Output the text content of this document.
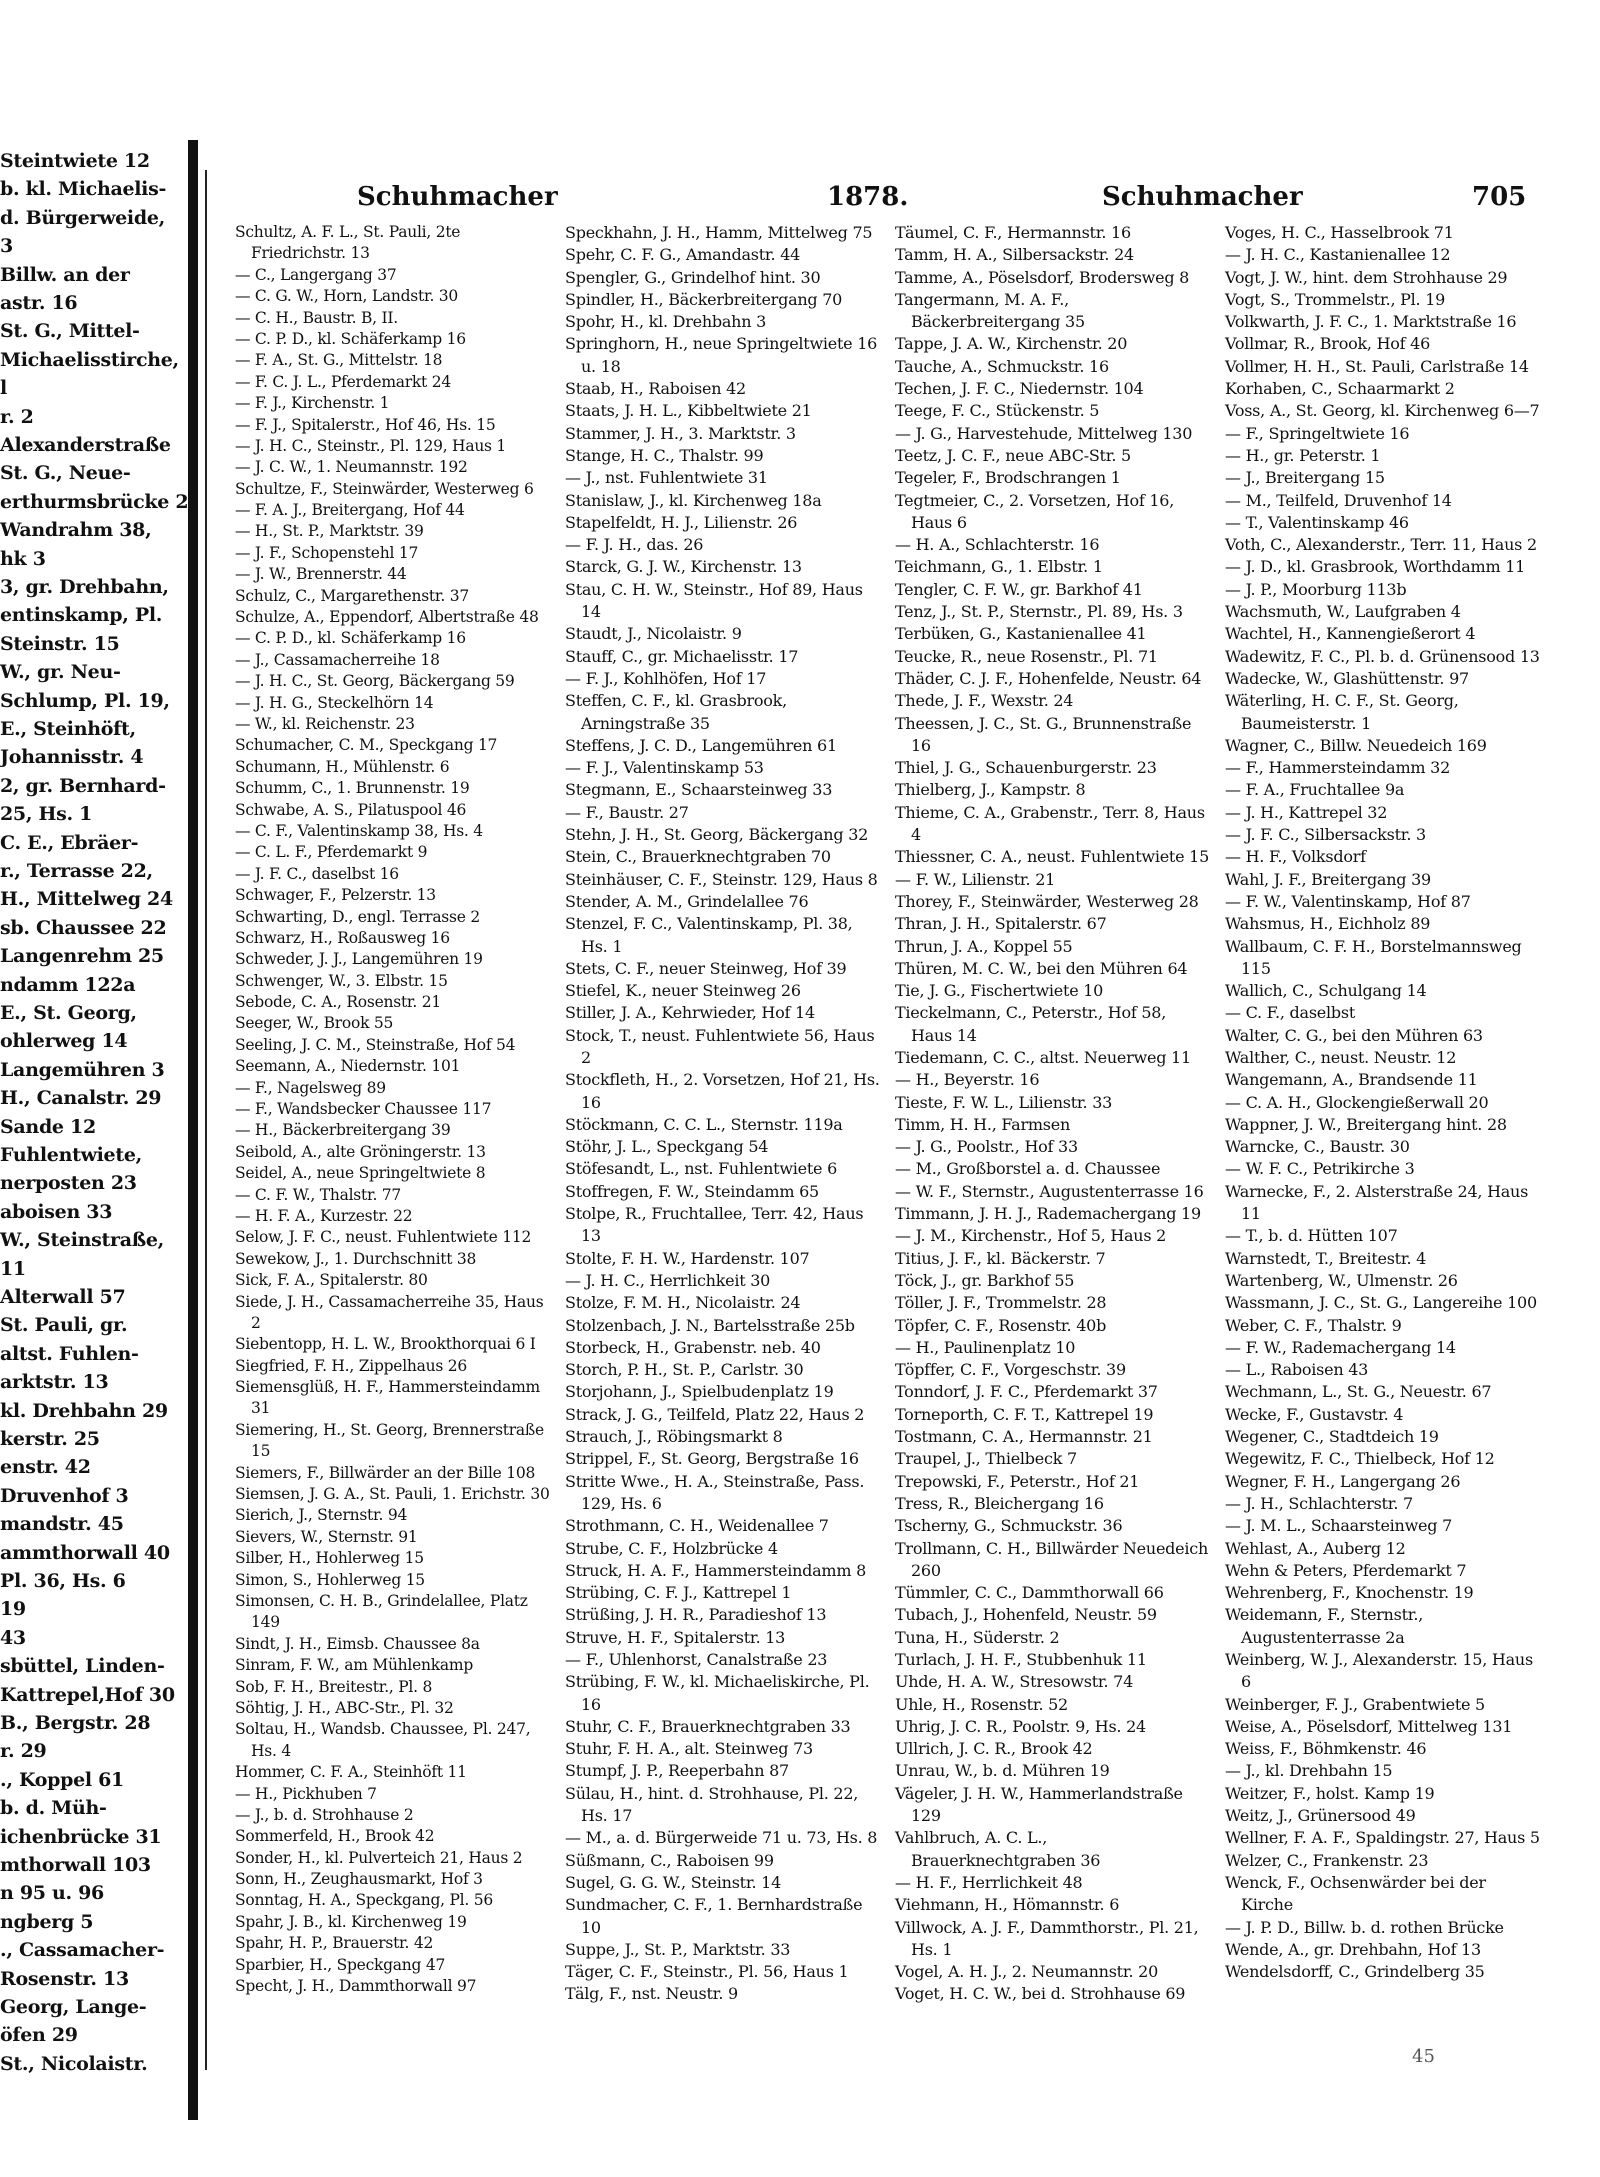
Steintwiete 12
b. kl. Michaelis-
d. Bürgerweide,
3
Billw. an der
astr. 16
St. G., Mittel-
Michaelisstirche,
l
r. 2
Alexanderstraße
St. G., Neue-
erthurmsbrücke 2
Wandrahm 38,
hk 3
3, gr. Drehbahn,
entinskamp, Pl.
Steinstr. 15
W., gr. Neu-
Schlump, Pl. 19,
E., Steinhöft,
Johannisstr. 4
2, gr. Bernhard-
25, Hs. 1
C. E., Ebräer-
r., Terrasse 22,
H., Mittelweg 24
sb. Chaussee 22
Langenrehm 25
ndamm 122a
E., St. Georg,
ohlerweg 14
Langemühren 3
H., Canalstr. 29
Sande 12
Fuhlentwiete,
nerposten 23
aboisen 33
W., Steinstraße,
11
Alterwall 57
St. Pauli, gr.
altst. Fuhlen-
arktstr. 13
kl. Drehbahn 29
kerstr. 25
enstr. 42
Druvenhof 3
mandstr. 45
ammthorwall 40
Pl. 36, Hs. 6
19
43
sbüttel, Linden-
Kattrepel,Hof 30
B., Bergstr. 28
r. 29
., Koppel 61
b. d. Müh-
ichenbrücke 31
mthorwall 103
n 95 u. 96
ngberg 5
., Cassamacher-
Rosenstr. 13
Georg, Lange-
öfen 29
St., Nicolaistr.
Schuhmacher	1878.	Schuhmacher	705
Schultz, A. F. L., St. Pauli, 2te Friedrichstr. 13
— C., Langergang 37
— C. G. W., Horn, Landstr. 30
— C. H., Baustr. B, II.
— C. P. D., kl. Schäferkamp 16
— F. A., St. G., Mittelstr. 18
— F. C. J. L., Pferdemarkt 24
— F. J., Kirchenstr. 1
— F. J., Spitalerstr., Hof 46, Hs. 15
— J. H. C., Steinstr., Pl. 129, Haus 1
— J. C. W., 1. Neumannstr. 192
Schultze, F., Steinwärder, Westerweg 6
— F. A. J., Breitergang, Hof 44
— H., St. P., Marktstr. 39
— J. F., Schopenstehl 17
— J. W., Brennerstr. 44
Schulz, C., Margarethenstr. 37
Schulze, A., Eppendorf, Albertstraße 48
— C. P. D., kl. Schäferkamp 16
— J., Cassamacherreihe 18
— J. H. C., St. Georg, Bäckergang 59
— J. H. G., Steckelhörn 14
— W., kl. Reichenstr. 23
Schumacher, C. M., Speckgang 17
Schumann, H., Mühlenstr. 6
Schumm, C., 1. Brunnenstr. 19
Schwabe, A. S., Pilatuspool 46
— C. F., Valentinskamp 38, Hs. 4
— C. L. F., Pferdemarkt 9
— J. F. C., daselbst 16
Schwager, F., Pelzerstr. 13
Schwarting, D., engl. Terrasse 2
Schwarz, H., Roßausweg 16
Schweder, J. J., Langemühren 19
Schwenger, W., 3. Elbstr. 15
Sebode, C. A., Rosenstr. 21
Seeger, W., Brook 55
Seeling, J. C. M., Steinstraße, Hof 54
Seemann, A., Niedernstr. 101
— F., Nagelsweg 89
— F., Wandsbecker Chaussee 117
— H., Bäckerbreitergang 39
Seibold, A., alte Gröningerstr. 13
Seidel, A., neue Springeltwiete 8
— C. F. W., Thalstr. 77
— H. F. A., Kurzestr. 22
Selow, J. F. C., neust. Fuhlentwiete 112
Sewekow, J., 1. Durchschnitt 38
Sick, F. A., Spitalerstr. 80
Siede, J. H., Cassamacherreihe 35, Haus 2
Siebentopp, H. L. W., Brookthorquai 6 I
Siegfried, F. H., Zippelhaus 26
Siemensglüß, H. F., Hammersteindamm 31
Siemering, H., St. Georg, Brennerstraße 15
Siemers, F., Billwärder an der Bille 108
Siemsen, J. G. A., St. Pauli, 1. Erichstr. 30
Sierich, J., Sternstr. 94
Sievers, W., Sternstr. 91
Silber, H., Hohlerweg 15
Simon, S., Hohlerweg 15
Simonsen, C. H. B., Grindelallee, Platz 149
Sindt, J. H., Eimsb. Chaussee 8a
Sinram, F. W., am Mühlenkamp
Sob, F. H., Breitestr., Pl. 8
Söhtig, J. H., ABC-Str., Pl. 32
Soltau, H., Wandsb. Chaussee, Pl. 247, Hs. 4
Hommer, C. F. A., Steinhöft 11
— H., Pickhuben 7
— J., b. d. Strohhause 2
Sommerfeld, H., Brook 42
Sonder, H., kl. Pulverteich 21, Haus 2
Sonn, H., Zeughausmarkt, Hof 3
Sonntag, H. A., Speckgang, Pl. 56
Spahr, J. B., kl. Kirchenweg 19
Spahr, H. P., Brauerstr. 42
Sparbier, H., Speckgang 47
Specht, J. H., Dammthorwall 97
Speckhahn, J. H., Hamm, Mittelweg 75
Spehr, C. F. G., Amandastr. 44
Spengler, G., Grindelhof hint. 30
Spindler, H., Bäckerbreitergang 70
Spohr, H., kl. Drehbahn 3
Springhorn, H., neue Springeltwiete 16 u. 18
Staab, H., Raboisen 42
Staats, J. H. L., Kibbeltwiete 21
Stammer, J. H., 3. Marktstr. 3
Stange, H. C., Thalstr. 99
— J., nst. Fuhlentwiete 31
Stanislaw, J., kl. Kirchenweg 18a
Stapelfeldt, H. J., Lilienstr. 26
— F. J. H., das. 26
Starck, G. J. W., Kirchenstr. 13
Stau, C. H. W., Steinstr., Hof 89, Haus 14
Staudt, J., Nicolaistr. 9
Stauff, C., gr. Michaelisstr. 17
— F. J., Kohlhöfen, Hof 17
Steffen, C. F., kl. Grasbrook, Arningstraße 35
Steffens, J. C. D., Langemühren 61
— F. J., Valentinskamp 53
Stegmann, E., Schaarsteinweg 33
— F., Baustr. 27
Stehn, J. H., St. Georg, Bäckergang 32
Stein, C., Brauerknechtgraben 70
Steinhäuser, C. F., Steinstr. 129, Haus 8
Stender, A. M., Grindelallee 76
Stenzel, F. C., Valentinskamp, Pl. 38, Hs. 1
Stets, C. F., neuer Steinweg, Hof 39
Stiefel, K., neuer Steinweg 26
Stiller, J. A., Kehrwieder, Hof 14
Stock, T., neust. Fuhlentwiete 56, Haus 2
Stockfleth, H., 2. Vorsetzen, Hof 21, Hs. 16
Stöckmann, C. C. L., Sternstr. 119a
Stöhr, J. L., Speckgang 54
Stöfesandt, L., nst. Fuhlentwiete 6
Stoffregen, F. W., Steindamm 65
Stolpe, R., Fruchtallee, Terr. 42, Haus 13
Stolte, F. H. W., Hardenstr. 107
— J. H. C., Herrlichkeit 30
Stolze, F. M. H., Nicolaistr. 24
Stolzenbach, J. N., Bartelsstraße 25b
Storbeck, H., Grabenstr. neb. 40
Storch, P. H., St. P., Carlstr. 30
Storjohann, J., Spielbudenplatz 19
Strack, J. G., Teilfeld, Platz 22, Haus 2
Strauch, J., Röbingsmarkt 8
Strippel, F., St. Georg, Bergstraße 16
Stritte Wwe., H. A., Steinstraße, Pass. 129, Hs. 6
Strothmann, C. H., Weidenallee 7
Strube, C. F., Holzbrücke 4
Struck, H. A. F., Hammersteindamm 8
Strübing, C. F. J., Kattrepel 1
Strüßing, J. H. R., Paradieshof 13
Struve, H. F., Spitalerstr. 13
— F., Uhlenhorst, Canalstraße 23
Strübing, F. W., kl. Michaeliskirche, Pl. 16
Stuhr, C. F., Brauerknechtgraben 33
Stuhr, F. H. A., alt. Steinweg 73
Stumpf, J. P., Reeperbahn 87
Sülau, H., hint. d. Strohhause, Pl. 22, Hs. 17
— M., a. d. Bürgerweide 71 u. 73, Hs. 8
Süßmann, C., Raboisen 99
Sugel, G. G. W., Steinstr. 14
Sundmacher, C. F., 1. Bernhardstraße 10
Suppe, J., St. P., Marktstr. 33
Täger, C. F., Steinstr., Pl. 56, Haus 1
Tälg, F., nst. Neustr. 9
Täumel, C. F., Hermannstr. 16
Tamm, H. A., Silbersackstr. 24
Tamme, A., Pöselsdorf, Brodersweg 8
Tangermann, M. A. F., Bäckerbreitergang 35
Tappe, J. A. W., Kirchenstr. 20
Tauche, A., Schmuckstr. 16
Techen, J. F. C., Niedernstr. 104
Teege, F. C., Stückenstr. 5
— J. G., Harvestehude, Mittelweg 130
Teetz, J. C. F., neue ABC-Str. 5
Tegeler, F., Brodschrangen 1
Tegtmeier, C., 2. Vorsetzen, Hof 16, Haus 6
— H. A., Schlachterstr. 16
Teichmann, G., 1. Elbstr. 1
Tengler, C. F. W., gr. Barkhof 41
Tenz, J., St. P., Sternstr., Pl. 89, Hs. 3
Terbüken, G., Kastanienallee 41
Teucke, R., neue Rosenstr., Pl. 71
Thäder, C. J. F., Hohenfelde, Neustr. 64
Thede, J. F., Wexstr. 24
Theessen, J. C., St. G., Brunnenstraße 16
Thiel, J. G., Schauenburgerstr. 23
Thielberg, J., Kampstr. 8
Thieme, C. A., Grabenstr., Terr. 8, Haus 4
Thiessner, C. A., neust. Fuhlentwiete 15
— F. W., Lilienstr. 21
Thorey, F., Steinwärder, Westerweg 28
Thran, J. H., Spitalerstr. 67
Thrun, J. A., Koppel 55
Thüren, M. C. W., bei den Mühren 64
Tie, J. G., Fischertwiete 10
Tieckelmann, C., Peterstr., Hof 58, Haus 14
Tiedemann, C. C., altst. Neuerweg 11
— H., Beyerstr. 16
Tieste, F. W. L., Lilienstr. 33
Timm, H. H., Farmsen
— J. G., Poolstr., Hof 33
— M., Großborstel a. d. Chaussee
— W. F., Sternstr., Augustenterrasse 16
Timmann, J. H. J., Rademachergang 19
— J. M., Kirchenstr., Hof 5, Haus 2
Titius, J. F., kl. Bäckerstr. 7
Töck, J., gr. Barkhof 55
Töller, J. F., Trommelstr. 28
Töpfer, C. F., Rosenstr. 40b
— H., Paulinenplatz 10
Töpffer, C. F., Vorgeschstr. 39
Tonndorf, J. F. C., Pferdemarkt 37
Torneporth, C. F. T., Kattrepel 19
Tostmann, C. A., Hermannstr. 21
Traupel, J., Thielbeck 7
Trepowski, F., Peterstr., Hof 21
Tress, R., Bleichergang 16
Tscherny, G., Schmuckstr. 36
Trollmann, C. H., Billwärder Neuedeich 260
Tümmler, C. C., Dammthorwall 66
Tubach, J., Hohenfeld, Neustr. 59
Tuna, H., Süderstr. 2
Turlach, J. H. F., Stubbenhuk 11
Uhde, H. A. W., Stresowstr. 74
Uhle, H., Rosenstr. 52
Uhrig, J. C. R., Poolstr. 9, Hs. 24
Ullrich, J. C. R., Brook 42
Unrau, W., b. d. Mühren 19
Vägeler, J. H. W., Hammerlandstraße 129
Vahlbruch, A. C. L., Brauerknechtgraben 36
— H. F., Herrlichkeit 48
Viehmann, H., Hömannstr. 6
Villwock, A. J. F., Dammthorstr., Pl. 21, Hs. 1
Vogel, A. H. J., 2. Neumannstr. 20
Voget, H. C. W., bei d. Strohhause 69
Voges, H. C., Hasselbrook 71
— J. H. C., Kastanienallee 12
Vogt, J. W., hint. dem Strohhause 29
Vogt, S., Trommelstr., Pl. 19
Volkwarth, J. F. C., 1. Marktstraße 16
Vollmar, R., Brook, Hof 46
Vollmer, H. H., St. Pauli, Carlstraße 14
Korhaben, C., Schaarmarkt 2
Voss, A., St. Georg, kl. Kirchenweg 6—7
— F., Springeltwiete 16
— H., gr. Peterstr. 1
— J., Breitergang 15
— M., Teilfeld, Druvenhof 14
— T., Valentinskamp 46
Voth, C., Alexanderstr., Terr. 11, Haus 2
— J. D., kl. Grasbrook, Worthdamm 11
— J. P., Moorburg 113b
Wachsmuth, W., Laufgraben 4
Wachtel, H., Kannengießerort 4
Wadewitz, F. C., Pl. b. d. Grünensood 13
Wadecke, W., Glashüttenstr. 97
Wäterling, H. C. F., St. Georg, Baumeisterstr. 1
Wagner, C., Billw. Neuedeich 169
— F., Hammersteindamm 32
— F. A., Fruchtallee 9a
— J. H., Kattrepel 32
— J. F. C., Silbersackstr. 3
— H. F., Volksdorf
Wahl, J. F., Breitergang 39
— F. W., Valentinskamp, Hof 87
Wahsmus, H., Eichholz 89
Wallbaum, C. F. H., Borstelmannsweg 115
Wallich, C., Schulgang 14
— C. F., daselbst
Walter, C. G., bei den Mühren 63
Walther, C., neust. Neustr. 12
Wangemann, A., Brandsende 11
— C. A. H., Glockengießerwall 20
Wappner, J. W., Breitergang hint. 28
Warncke, C., Baustr. 30
— W. F. C., Petrikirche 3
Warnecke, F., 2. Alsterstraße 24, Haus 11
— T., b. d. Hütten 107
Warnstedt, T., Breitestr. 4
Wartenberg, W., Ulmenstr. 26
Wassmann, J. C., St. G., Langereihe 100
Weber, C. F., Thalstr. 9
— F. W., Rademachergang 14
— L., Raboisen 43
Wechmann, L., St. G., Neuestr. 67
Wecke, F., Gustavstr. 4
Wegener, C., Stadtdeich 19
Wegewitz, F. C., Thielbeck, Hof 12
Wegner, F. H., Langergang 26
— J. H., Schlachterstr. 7
— J. M. L., Schaarsteinweg 7
Wehlast, A., Auberg 12
Wehn & Peters, Pferdemarkt 7
Wehrenberg, F., Knochenstr. 19
Weidemann, F., Sternstr., Augustenterrasse 2a
Weinberg, W. J., Alexanderstr. 15, Haus 6
Weinberger, F. J., Grabentwiete 5
Weise, A., Pöselsdorf, Mittelweg 131
Weiss, F., Böhmkenstr. 46
— J., kl. Drehbahn 15
Weitzer, F., holst. Kamp 19
Weitz, J., Grünersood 49
Wellner, F. A. F., Spaldingstr. 27, Haus 5
Welzer, C., Frankenstr. 23
Wenck, F., Ochsenwärder bei der Kirche
— J. P. D., Billw. b. d. rothen Brücke
Wende, A., gr. Drehbahn, Hof 13
Wendelsdorff, C., Grindelberg 35
45
